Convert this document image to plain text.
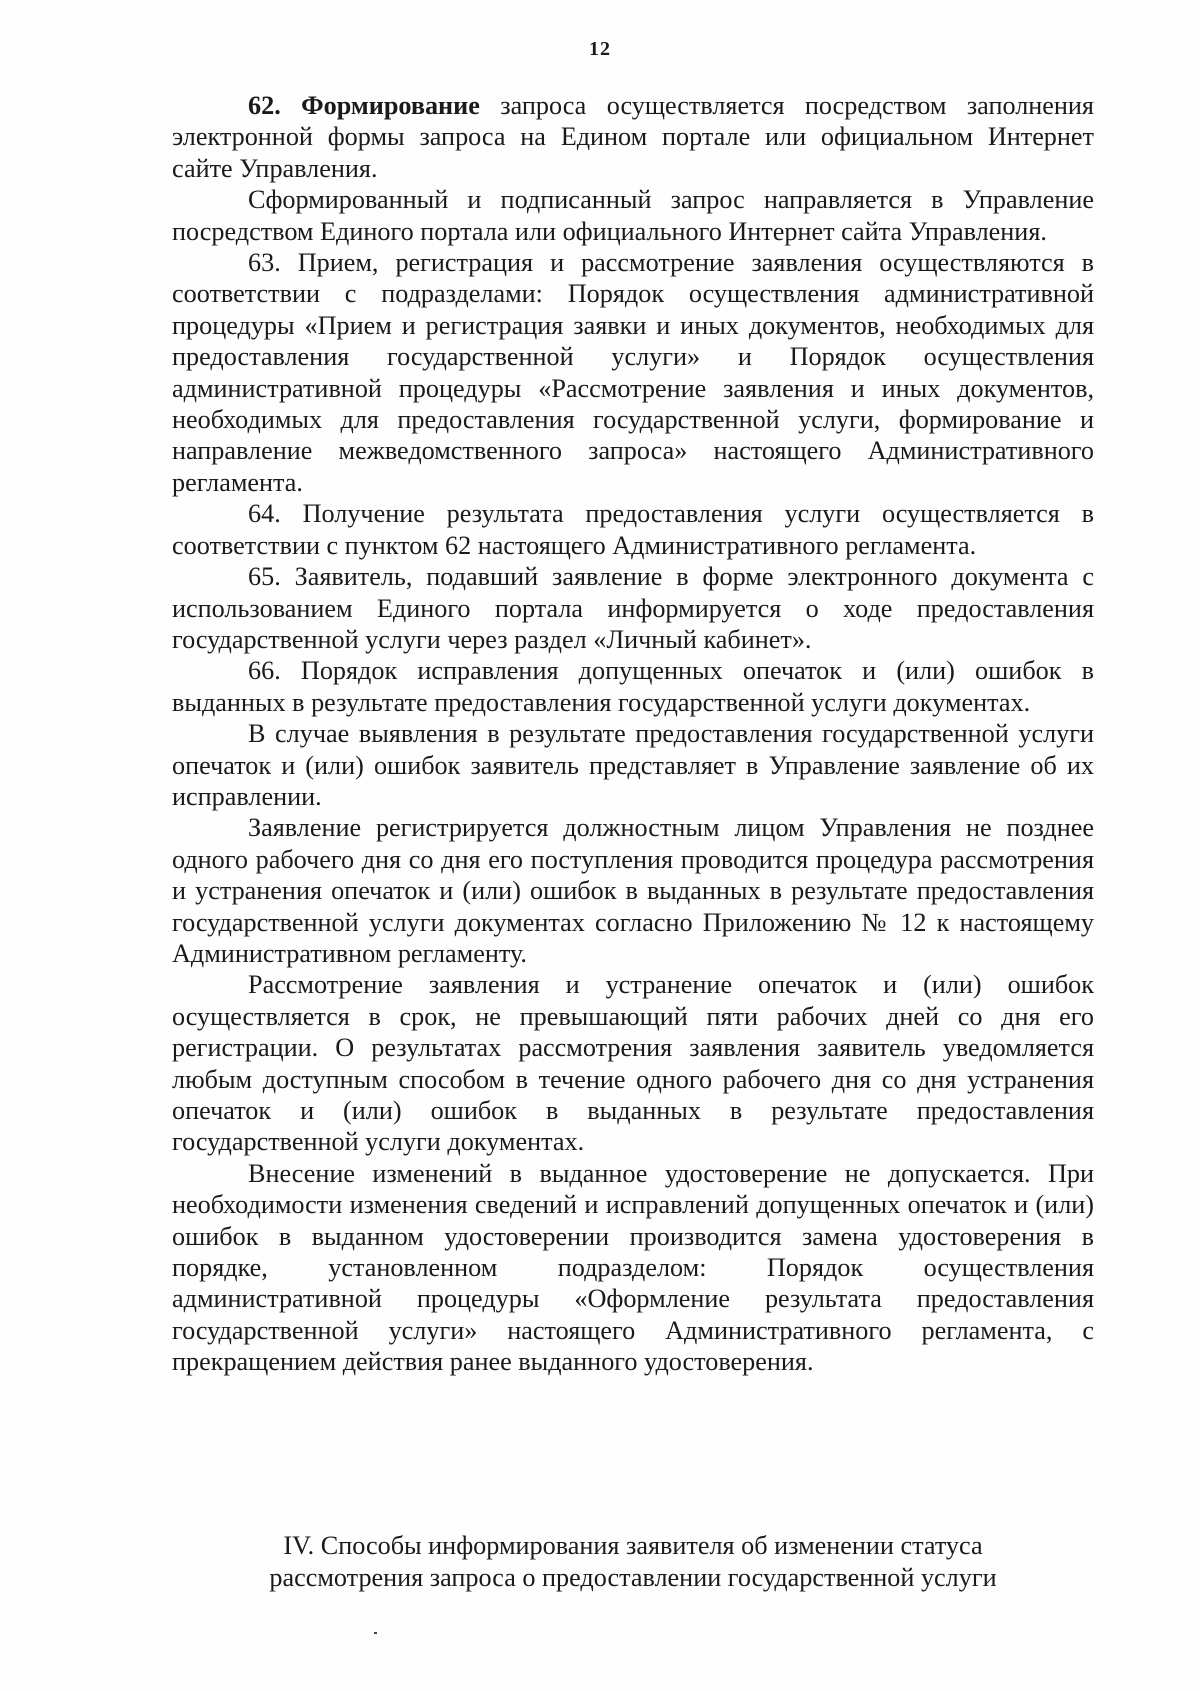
12

62. Формирование запроса осуществляется посредством заполнения электронной формы запроса на Едином портале или официальном Интернет сайте Управления.

Сформированный и подписанный запрос направляется в Управление посредством Единого портала или официального Интернет сайта Управления.

63. Прием, регистрация и рассмотрение заявления осуществляются в соответствии с подразделами: Порядок осуществления административной процедуры «Прием и регистрация заявки и иных документов, необходимых для предоставления государственной услуги» и Порядок осуществления административной процедуры «Рассмотрение заявления и иных документов, необходимых для предоставления государственной услуги, формирование и направление межведомственного запроса» настоящего Административного регламента.

64. Получение результата предоставления услуги осуществляется в соответствии с пунктом 62 настоящего Административного регламента.

65. Заявитель, подавший заявление в форме электронного документа с использованием Единого портала информируется о ходе предоставления государственной услуги через раздел «Личный кабинет».

66. Порядок исправления допущенных опечаток и (или) ошибок в выданных в результате предоставления государственной услуги документах.

В случае выявления в результате предоставления государственной услуги опечаток и (или) ошибок заявитель представляет в Управление заявление об их исправлении.

Заявление регистрируется должностным лицом Управления не позднее одного рабочего дня со дня его поступления проводится процедура рассмотрения и устранения опечаток и (или) ошибок в выданных в результате предоставления государственной услуги документах согласно Приложению № 12 к настоящему Административном регламенту.

Рассмотрение заявления и устранение опечаток и (или) ошибок осуществляется в срок, не превышающий пяти рабочих дней со дня его регистрации. О результатах рассмотрения заявления заявитель уведомляется любым доступным способом в течение одного рабочего дня со дня устранения опечаток и (или) ошибок в выданных в результате предоставления государственной услуги документах.

Внесение изменений в выданное удостоверение не допускается. При необходимости изменения сведений и исправлений допущенных опечаток и (или) ошибок в выданном удостоверении производится замена удостоверения в порядке, установленном подразделом: Порядок осуществления административной процедуры «Оформление результата предоставления государственной услуги» настоящего Административного регламента, с прекращением действия ранее выданного удостоверения.

IV. Способы информирования заявителя об изменении статуса
рассмотрения запроса о предоставлении государственной услуги
